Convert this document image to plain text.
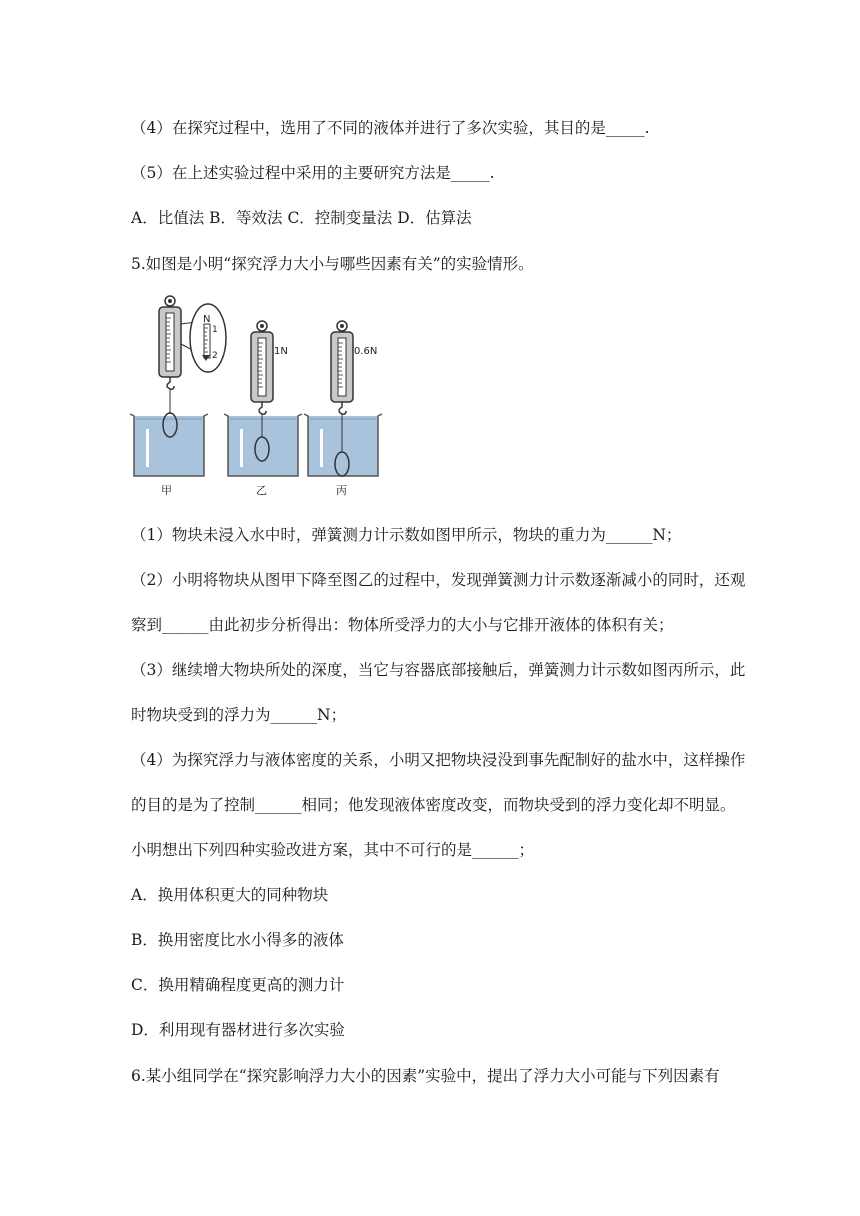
（4）在探究过程中，选用了不同的液体并进行了多次实验，其目的是_____.
（5）在上述实验过程中采用的主要研究方法是_____.
A．比值法 B．等效法 C．控制变量法 D．估算法
5.如图是小明“探究浮力大小与哪些因素有关”的实验情形。
N
1
2	1N	0.6N
甲	乙	丙
（1）物块未浸入水中时，弹簧测力计示数如图甲所示，物块的重力为______N；
（2）小明将物块从图甲下降至图乙的过程中，发现弹簧测力计示数逐渐减小的同时，还观
察到______由此初步分析得出：物体所受浮力的大小与它排开液体的体积有关；
（3）继续增大物块所处的深度，当它与容器底部接触后，弹簧测力计示数如图丙所示，此
时物块受到的浮力为______N；
（4）为探究浮力与液体密度的关系，小明又把物块浸没到事先配制好的盐水中，这样操作
的目的是为了控制______相同；他发现液体密度改变，而物块受到的浮力变化却不明显。
小明想出下列四种实验改进方案，其中不可行的是______；
A．换用体积更大的同种物块
B．换用密度比水小得多的液体
C．换用精确程度更高的测力计
D．利用现有器材进行多次实验
6.某小组同学在“探究影响浮力大小的因素”实验中，提出了浮力大小可能与下列因素有
